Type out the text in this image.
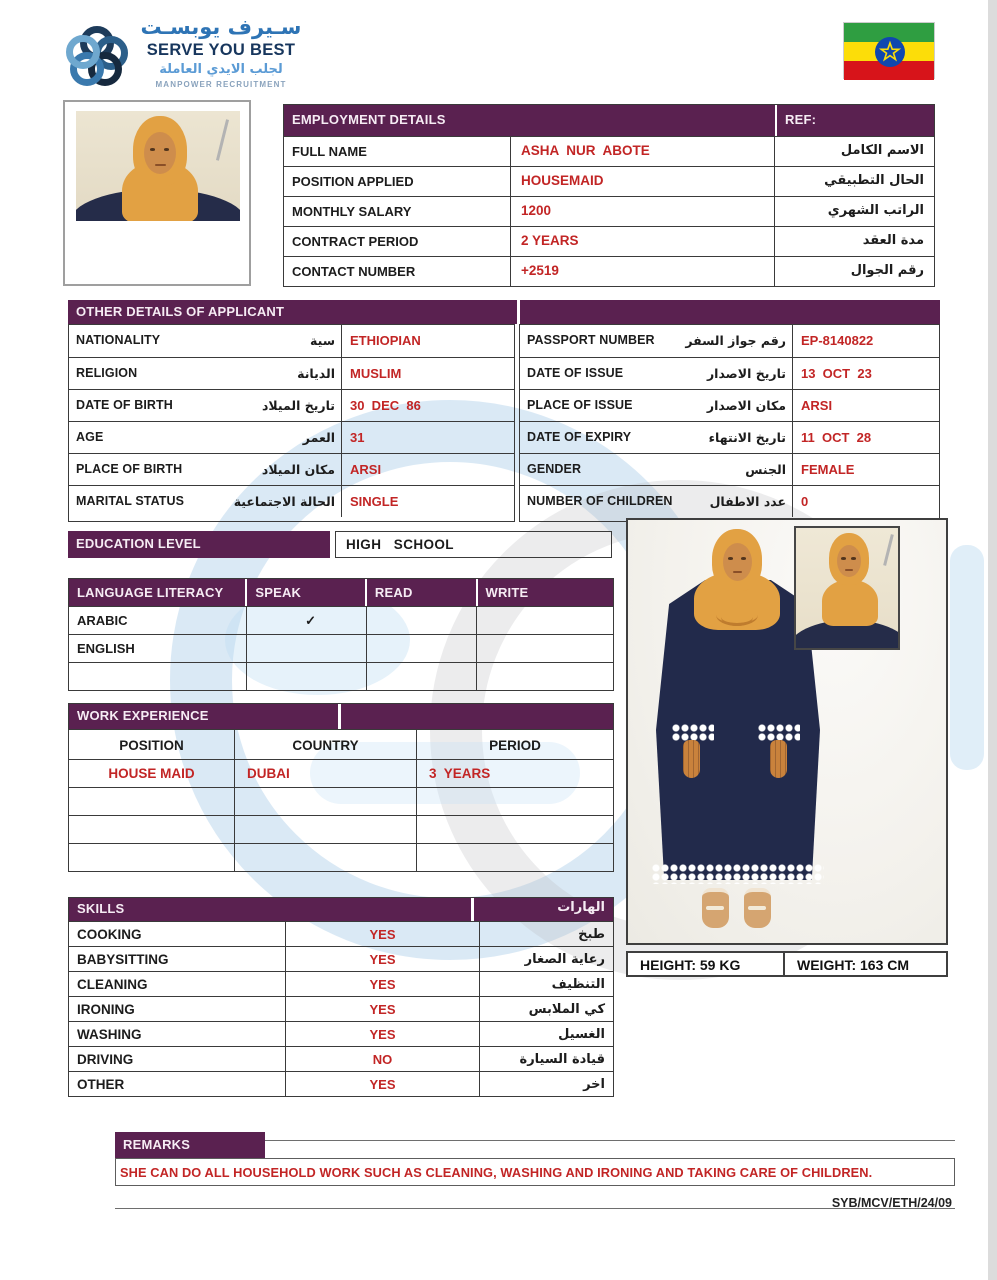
سـيرف يوبسـت
SERVE YOU BEST
لجلب الايدي العاملة
MANPOWER RECRUITMENT
EMPLOYMENT DETAILS	REF:
FULL NAME	ASHA  NUR  ABOTE	الاسم الكامل
POSITION APPLIED	HOUSEMAID	الحال التطبيقي
MONTHLY SALARY	1200	الراتب الشهري
CONTRACT PERIOD	2 YEARS	مدة العقد
CONTACT NUMBER	+2519	رقم الجوال
OTHER DETAILS OF APPLICANT
NATIONALITY	سية	ETHIOPIAN
RELIGION	الديانة	MUSLIM
DATE OF BIRTH	تاريخ الميلاد	30  DEC  86
AGE	العمر	31
PLACE OF BIRTH	مكان الميلاد	ARSI
MARITAL STATUS	الحالة الاجتماعية	SINGLE
PASSPORT NUMBER رقم جواز السفر	EP-8140822
DATE OF ISSUE	تاريخ الاصدار	13  OCT  23
PLACE OF ISSUE	مكان الاصدار	ARSI
DATE OF EXPIRY	تاريخ الانتهاء	11  OCT  28
GENDER	الجنس	FEMALE
NUMBER OF CHILDREN	عدد الاطفال	0
EDUCATION LEVEL	HIGH   SCHOOL
LANGUAGE LITERACY	SPEAK	READ	WRITE
ARABIC	✓
ENGLISH
WORK EXPERIENCE
POSITION	COUNTRY	PERIOD
HOUSE MAID	DUBAI	3  YEARS
SKILLS	الهارات
COOKING	YES	طبخ
BABYSITTING	YES	رعاية الصغار
CLEANING	YES	التنظيف
IRONING	YES	كي الملابس
WASHING	YES	الغسيل
DRIVING	NO	قيادة السيارة
OTHER	YES	اخر
HEIGHT: 59 KG	WEIGHT: 163 CM
REMARKS
SHE CAN DO ALL HOUSEHOLD WORK SUCH AS CLEANING, WASHING AND IRONING AND TAKING CARE OF CHILDREN.
SYB/MCV/ETH/24/09
